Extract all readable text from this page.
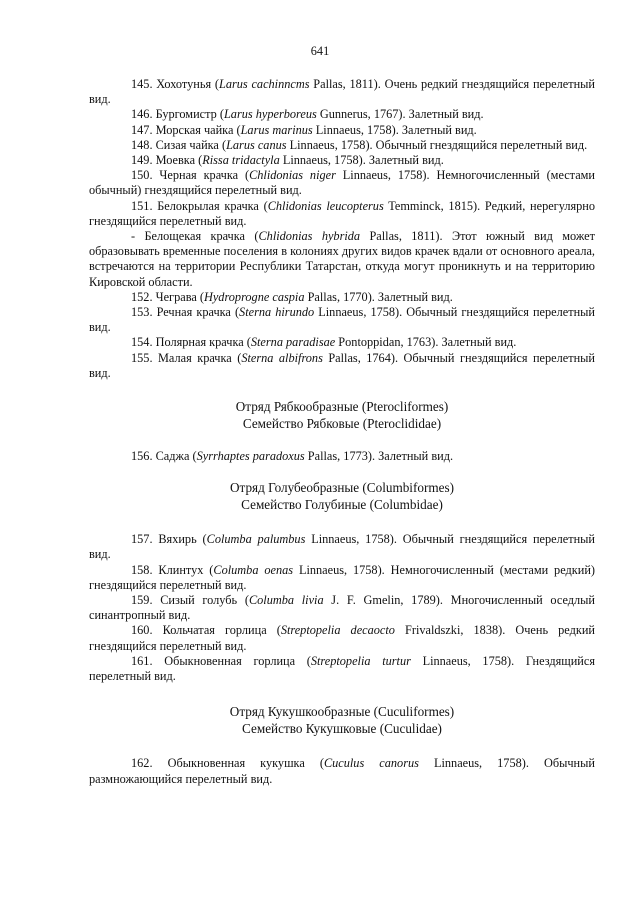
641

145. Хохотунья (Larus cachinncms Pallas, 1811). Очень редкий гнездящийся перелетный вид.

146. Бургомистр (Larus hyperboreus Gunnerus, 1767). Залетный вид.

147. Морская чайка (Larus marinus Linnaeus, 1758). Залетный вид.

148. Сизая чайка (Larus canus Linnaeus, 1758). Обычный гнездящийся перелетный вид.

149. Моевка (Rissa tridactyla Linnaeus, 1758). Залетный вид.

150. Черная крачка (Chlidonias niger Linnaeus, 1758). Немногочисленный (местами обычный) гнездящийся перелетный вид.

151. Белокрылая крачка (Chlidonias leucopterus Temminck, 1815). Редкий, нерегулярно гнездящийся перелетный вид.

- Белощекая крачка (Chlidonias hybrida Pallas, 1811). Этот южный вид может образовывать временные поселения в колониях других видов крачек вдали от основного ареала, встречаются на территории Республики Татарстан, откуда могут проникнуть и на территорию Кировской области.

152. Чеграва (Hydroprogne caspia Pallas, 1770). Залетный вид.

153. Речная крачка (Sterna hirundo Linnaeus, 1758). Обычный гнездящийся перелетный вид.

154. Полярная крачка (Sterna paradisae Pontoppidan, 1763). Залетный вид.

155. Малая крачка (Sterna albifrons Pallas, 1764). Обычный гнездящийся перелетный вид.

Отряд Рябкообразные (Pterocliformes)
Семейство Рябковые (Pteroclididae)

156. Саджа (Syrrhaptes paradoxus Pallas, 1773). Залетный вид.

Отряд Голубеобразные (Columbiformes)
Семейство Голубиные (Columbidae)

157. Вяхирь (Columba palumbus Linnaeus, 1758). Обычный гнездящийся перелетный вид.

158. Клинтух (Columba oenas Linnaeus, 1758). Немногочисленный (местами редкий) гнездящийся перелетный вид.

159. Сизый голубь (Columba livia J. F. Gmelin, 1789). Многочисленный оседлый синантропный вид.

160. Кольчатая горлица (Streptopelia decaocto Frivaldszki, 1838). Очень редкий гнездящийся перелетный вид.

161. Обыкновенная горлица (Streptopelia turtur Linnaeus, 1758). Гнездящийся перелетный вид.

Отряд Кукушкообразные (Cuculiformes)
Семейство Кукушковые (Cuculidae)

162. Обыкновенная кукушка (Cuculus canorus Linnaeus, 1758). Обычный размножающийся перелетный вид.
